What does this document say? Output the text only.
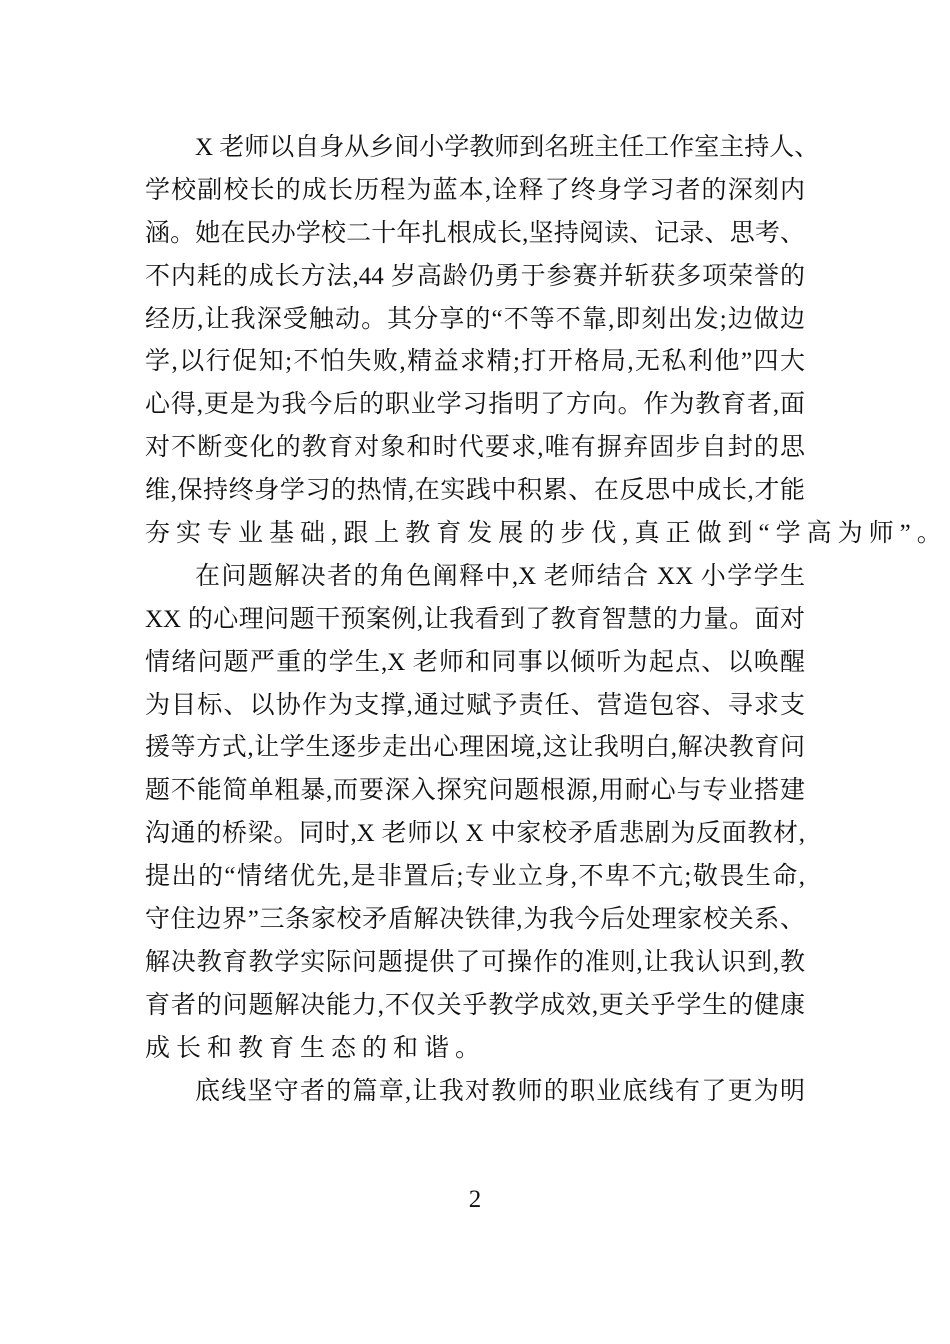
X 老师以自身从乡间小学教师到名班主任工作室主持人、
学校副校长的成长历程为蓝本,诠释了终身学习者的深刻内
涵。她在民办学校二十年扎根成长,坚持阅读、记录、思考、
不内耗的成长方法,44 岁高龄仍勇于参赛并斩获多项荣誉的
经历,让我深受触动。其分享的“不等不靠,即刻出发;边做边
学,以行促知;不怕失败,精益求精;打开格局,无私利他”四大
心得,更是为我今后的职业学习指明了方向。作为教育者,面
对不断变化的教育对象和时代要求,唯有摒弃固步自封的思
维,保持终身学习的热情,在实践中积累、在反思中成长,才能
夯实专业基础,跟上教育发展的步伐,真正做到“学高为师”。
在问题解决者的角色阐释中,X 老师结合 XX 小学学生
XX 的心理问题干预案例,让我看到了教育智慧的力量。面对
情绪问题严重的学生,X 老师和同事以倾听为起点、以唤醒
为目标、以协作为支撑,通过赋予责任、营造包容、寻求支
援等方式,让学生逐步走出心理困境,这让我明白,解决教育问
题不能简单粗暴,而要深入探究问题根源,用耐心与专业搭建
沟通的桥梁。同时,X 老师以 X 中家校矛盾悲剧为反面教材,
提出的“情绪优先,是非置后;专业立身,不卑不亢;敬畏生命,
守住边界”三条家校矛盾解决铁律,为我今后处理家校关系、
解决教育教学实际问题提供了可操作的准则,让我认识到,教
育者的问题解决能力,不仅关乎教学成效,更关乎学生的健康
成长和教育生态的和谐。
底线坚守者的篇章,让我对教师的职业底线有了更为明
2
